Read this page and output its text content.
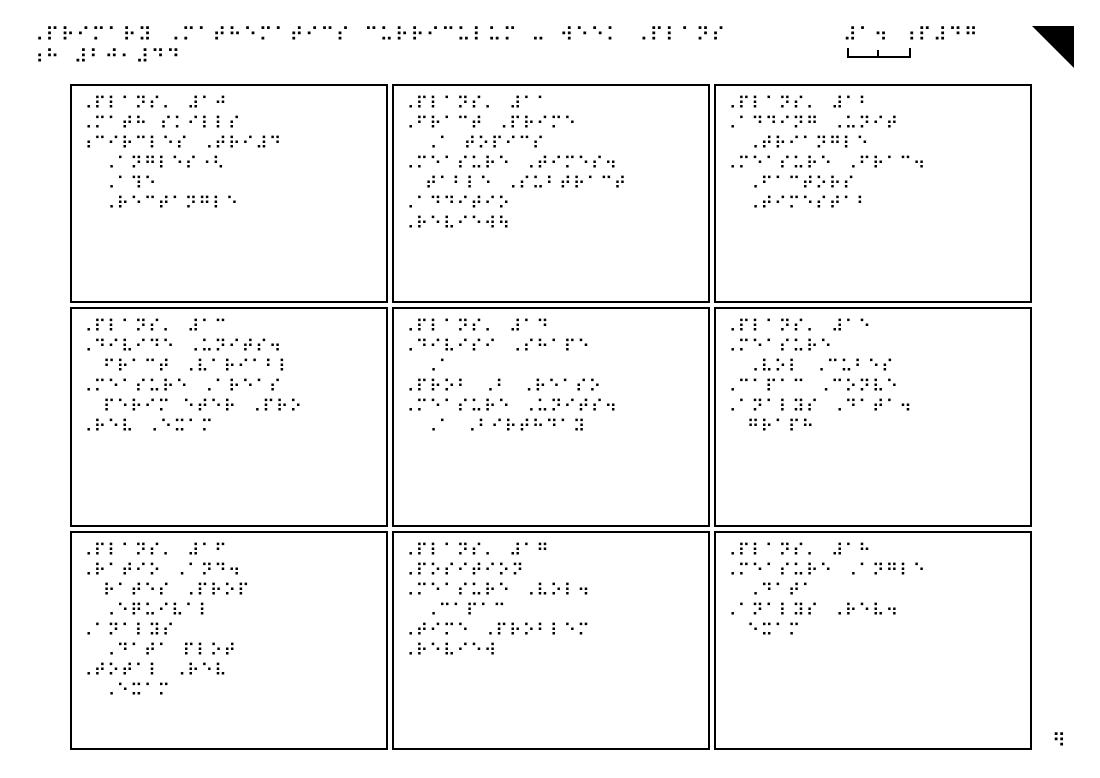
⠠⠏⠗⠊⠍⠁⠗⠽ ⠠⠍⠁⠞⠓⠑⠍⠁⠞⠊⠉⠎ ⠉⠥⠗⠗⠊⠉⠥⠇⠥⠍ ⠤ ⠺⠑⠑⠅ ⠠⠏⠇⠁⠝⠎
⠰⠓ ⠼⠃⠚⠂⠼⠙⠙
⠼⠁⠲ ⠰⠏⠼⠙⠛
⠠⠏⠇⠁⠝⠎⠄ ⠼⠁⠚
⠠⠍⠁⠞⠓ ⠎⠅⠊⠇⠇⠎⠀
⠰⠉⠊⠗⠉⠇⠑⠎ ⠠⠞⠗⠊⠼⠙
⠠⠁⠝⠛⠇⠑⠎⠐⠣
⠠⠁⠹⠑
⠠⠗⠑⠉⠞⠁⠝⠛⠇⠑
⠠⠏⠇⠁⠝⠎⠄ ⠼⠁⠁
⠠⠋⠗⠁⠉⠞ ⠠⠏⠗⠊⠍⠑
⠠⠁ ⠞⠕⠏⠊⠉⠎
⠠⠍⠑⠁⠎⠥⠗⠑ ⠠⠞⠊⠍⠑⠎⠲
⠞⠁⠃⠇⠑ ⠠⠎⠥⠃⠞⠗⠁⠉⠞
⠠⠁⠙⠙⠊⠞⠊⠕
⠠⠗⠑⠧⠊⠑⠺⠳
⠠⠏⠇⠁⠝⠎⠄ ⠼⠁⠃
⠠⠁⠙⠙⠊⠝⠛ ⠠⠥⠝⠊⠞
⠠⠞⠗⠊⠁⠝⠛⠇⠑
⠠⠍⠑⠁⠎⠥⠗⠑ ⠠⠋⠗⠁⠉⠲
⠠⠋⠁⠉⠞⠕⠗⠎
⠠⠞⠊⠍⠑⠎⠞⠁⠃
⠠⠏⠇⠁⠝⠎⠄ ⠼⠁⠉
⠠⠙⠊⠧⠊⠙⠑ ⠠⠥⠝⠊⠞⠎⠲
⠋⠗⠁⠉⠞ ⠠⠧⠁⠗⠊⠁⠃⠇
⠠⠍⠑⠁⠎⠥⠗⠑ ⠠⠁⠗⠑⠁⠎
⠏⠑⠗⠊⠍ ⠑⠞⠑⠗ ⠠⠏⠗⠕
⠠⠗⠑⠧ ⠠⠑⠭⠁⠍
⠠⠏⠇⠁⠝⠎⠄ ⠼⠁⠙
⠠⠙⠊⠧⠊⠎⠊ ⠠⠎⠓⠁⠏⠑
⠠⠁
⠠⠏⠗⠕⠃ ⠠⠃ ⠠⠗⠑⠁⠎⠕
⠠⠍⠑⠁⠎⠥⠗⠑ ⠠⠥⠝⠊⠞⠎⠲
⠠⠁ ⠠⠃⠊⠗⠞⠓⠙⠁⠽
⠠⠏⠇⠁⠝⠎⠄ ⠼⠁⠑
⠠⠍⠑⠁⠎⠥⠗⠑
⠠⠧⠕⠇ ⠠⠉⠥⠃⠑⠎
⠠⠉⠁⠏⠁⠉ ⠠⠉⠕⠝⠧⠑
⠠⠁⠝⠁⠇⠽⠎ ⠠⠙⠁⠞⠁⠲
⠛⠗⠁⠏⠓
⠠⠏⠇⠁⠝⠎⠄ ⠼⠁⠋
⠠⠗⠁⠞⠊⠕ ⠠⠁⠝⠙⠲
⠗⠁⠞⠑⠎ ⠠⠏⠗⠕⠏
⠠⠑⠟⠥⠊⠧⠁⠇
⠠⠁⠝⠁⠇⠽⠎
⠠⠙⠁⠞⠁ ⠏⠇⠕⠞
⠠⠞⠕⠞⠁⠇ ⠠⠗⠑⠧
⠠⠑⠭⠁⠍
⠠⠏⠇⠁⠝⠎⠄ ⠼⠁⠛
⠠⠏⠕⠎⠊⠞⠊⠕⠝
⠠⠍⠑⠁⠎⠥⠗⠑ ⠠⠧⠕⠇⠲
⠠⠉⠁⠏⠁⠉
⠠⠞⠊⠍⠑ ⠠⠏⠗⠕⠃⠇⠑⠍
⠠⠗⠑⠧⠊⠑⠺
⠠⠏⠇⠁⠝⠎⠄ ⠼⠁⠓
⠠⠍⠑⠁⠎⠥⠗⠑ ⠠⠁⠝⠛⠇⠑
⠠⠙⠁⠞⠁
⠠⠁⠝⠁⠇⠽⠎ ⠠⠗⠑⠧⠲
⠑⠭⠁⠍
⠻
